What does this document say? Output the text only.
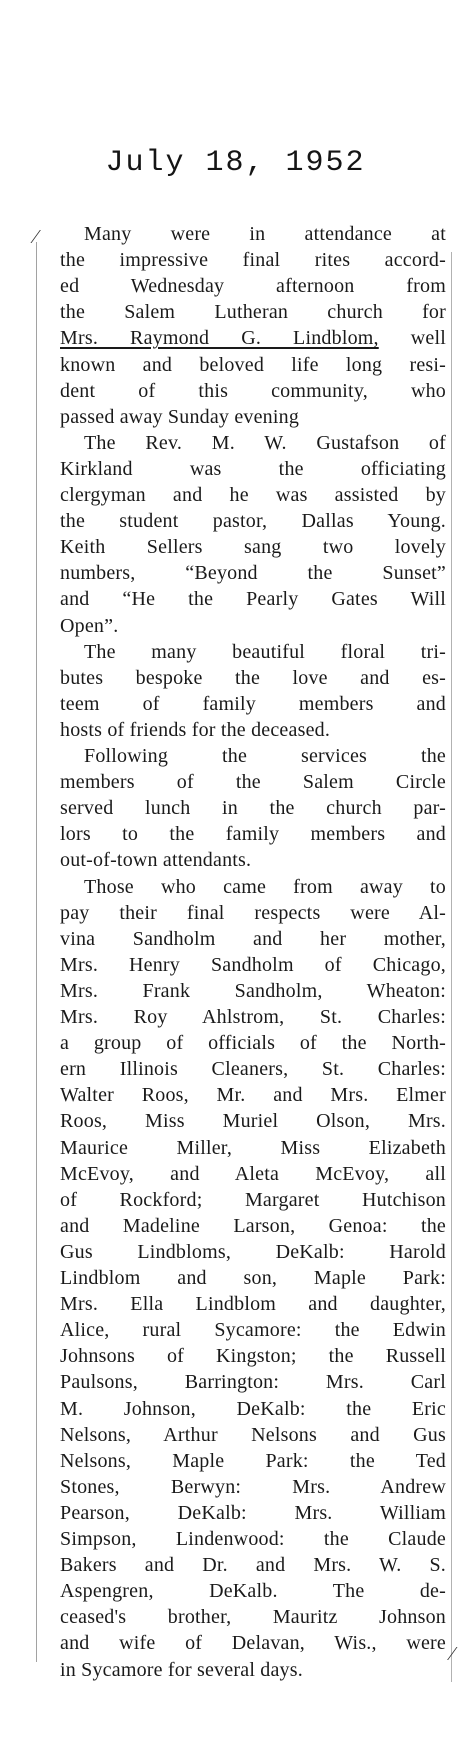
July 18, 1952
⁄
⁄
Many were in attendance at
the impressive final rites accord-
ed Wednesday afternoon from
the Salem Lutheran church for
Mrs. Raymond G. Lindblom, well
known and beloved life long resi-
dent of this community, who
passed away Sunday evening
The Rev. M. W. Gustafson of
Kirkland was the officiating
clergyman and he was assisted by
the student pastor, Dallas Young.
Keith Sellers sang two lovely
numbers, “Beyond the Sunset”
and “He the Pearly Gates Will
Open”.
The many beautiful floral tri-
butes bespoke the love and es-
teem of family members and
hosts of friends for the deceased.
Following the services the
members of the Salem Circle
served lunch in the church par-
lors to the family members and
out-of-town attendants.
Those who came from away to
pay their final respects were Al-
vina Sandholm and her mother,
Mrs. Henry Sandholm of Chicago,
Mrs. Frank Sandholm, Wheaton:
Mrs. Roy Ahlstrom, St. Charles:
a group of officials of the North-
ern Illinois Cleaners, St. Charles:
Walter Roos, Mr. and Mrs. Elmer
Roos, Miss Muriel Olson, Mrs.
Maurice Miller, Miss Elizabeth
McEvoy, and Aleta McEvoy, all
of Rockford; Margaret Hutchison
and Madeline Larson, Genoa: the
Gus Lindbloms, DeKalb: Harold
Lindblom and son, Maple Park:
Mrs. Ella Lindblom and daughter,
Alice, rural Sycamore: the Edwin
Johnsons of Kingston; the Russell
Paulsons, Barrington: Mrs. Carl
M. Johnson, DeKalb: the Eric
Nelsons, Arthur Nelsons and Gus
Nelsons, Maple Park: the Ted
Stones, Berwyn: Mrs. Andrew
Pearson, DeKalb: Mrs. William
Simpson, Lindenwood: the Claude
Bakers and Dr. and Mrs. W. S.
Aspengren, DeKalb. The de-
ceased's brother, Mauritz Johnson
and wife of Delavan, Wis., were
in Sycamore for several days.
